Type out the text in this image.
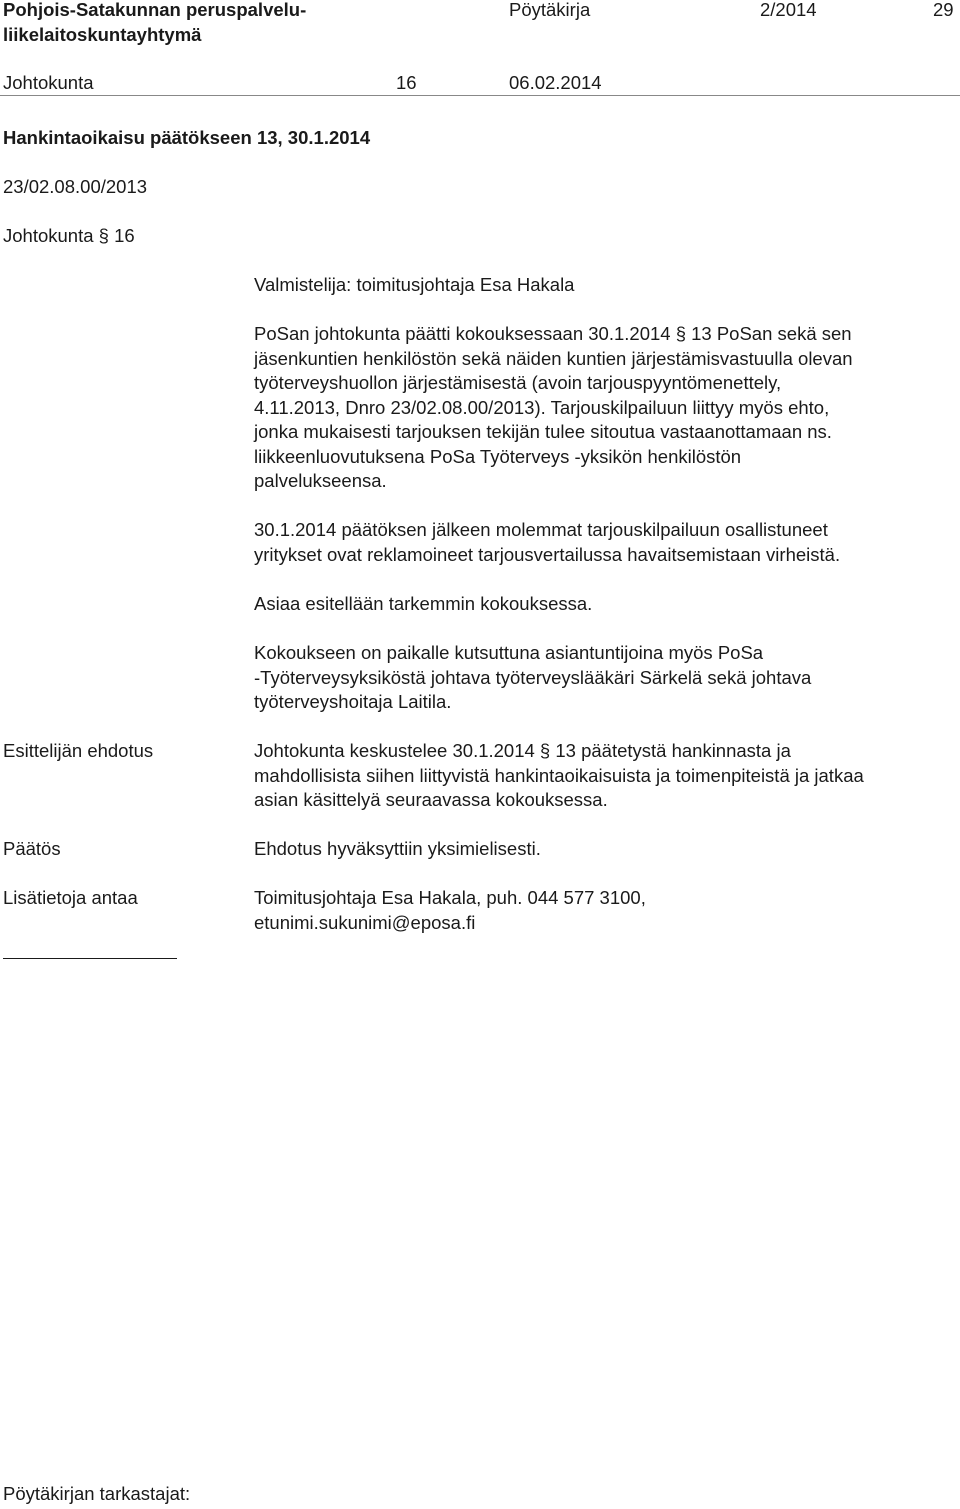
Pohjois-Satakunnan peruspalvelu-
liikelaitoskuntayhtymä
Pöytäkirja	2/2014	29
Johtokunta	16	06.02.2014
Hankintaoikaisu päätökseen 13, 30.1.2014
23/02.08.00/2013
Johtokunta § 16
Valmistelija: toimitusjohtaja Esa Hakala

PoSan johtokunta päätti kokouksessaan 30.1.2014 § 13 PoSan sekä sen

jäsenkuntien henkilöstön sekä näiden kuntien järjestämisvastuulla olevan

työterveyshuollon järjestämisestä (avoin tarjouspyyntömenettely,

4.11.2013, Dnro 23/02.08.00/2013). Tarjouskilpailuun liittyy myös ehto,

jonka mukaisesti tarjouksen tekijän tulee sitoutua vastaanottamaan ns.

liikkeenluovutuksena PoSa Työterveys -yksikön henkilöstön

palvelukseensa.

30.1.2014 päätöksen jälkeen molemmat tarjouskilpailuun osallistuneet

yritykset ovat reklamoineet tarjousvertailussa havaitsemistaan virheistä.

Asiaa esitellään tarkemmin kokouksessa.

Kokoukseen on paikalle kutsuttuna asiantuntijoina myös PoSa

-Työterveysyksiköstä johtava työterveyslääkäri Särkelä sekä johtava

työterveyshoitaja Laitila.

Esittelijän ehdotus	Johtokunta keskustelee 30.1.2014 § 13 päätetystä hankinnasta ja

mahdollisista siihen liittyvistä hankintaoikaisuista ja toimenpiteistä ja jatkaa

asian käsittelyä seuraavassa kokouksessa.

Päätös	Ehdotus hyväksyttiin yksimielisesti.
Lisätietoja antaa	Toimitusjohtaja Esa Hakala, puh. 044 577 3100,

etunimi.sukunimi@eposa.fi

Pöytäkirjan tarkastajat:
